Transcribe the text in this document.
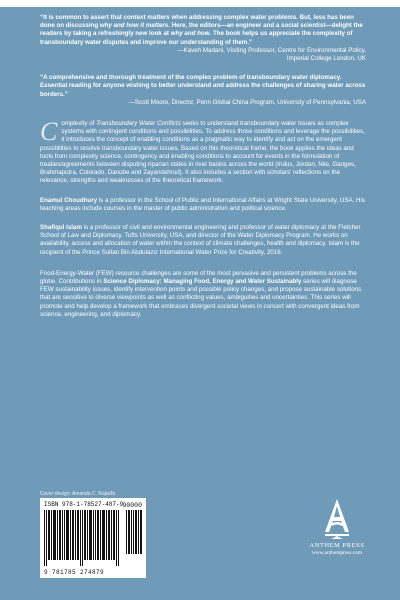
“It is common to assert that context matters when addressing complex water problems. But, less has been done on discussing why and how it matters. Here, the editors—an engineer and a social scientist—delight the readers by taking a refreshingly new look at why and how. The book helps us appreciate the complexity of transboundary water disputes and improve our understanding of them.”

—Kaveh Madani, Visiting Professor, Centre for Environmental Policy,

Imperial College London, UK

“A comprehensive and thorough treatment of the complex problem of transboundary water diplomacy. Essential reading for anyone wishing to better understand and address the challenges of sharing water across borders.”

—Scott Moore, Director, Penn Global China Program, University of Pennsylvania, USA

Complexity of Transboundary Water Conflicts seeks to understand transboundary water issues as complex systems with contingent conditions and possibilities. To address those conditions and leverage the possibilities, it introduces the concept of enabling conditions as a pragmatic way to identify and act on the emergent possibilities to resolve transboundary water issues. Based on this theoretical frame, the book applies the ideas and tools from complexity science, contingency and enabling conditions to account for events in the formulation of treaties/agreements between disputing riparian states in river basins across the world (Indus, Jordan, Nile, Ganges, Brahmaputra, Colorado, Danube and Zayandehrud). It also includes a section with scholars' reflections on the relevance, strengths and weaknesses of the theoretical framework.

Enamul Choudhury is a professor in the School of Public and International Affairs at Wright State University, USA. His teaching areas include courses in the master of public administration and political science.

Shafiqul Islam is a professor of civil and environmental engineering and professor of water diplomacy at the Fletcher School of Law and Diplomacy, Tufts University, USA, and director of the Water Diplomacy Program. He works on availability, access and allocation of water within the context of climate challenges, health and diplomacy. Islam is the recipient of the Prince Sultan Bin Abdulaziz International Water Prize for Creativity, 2016.

Food-Energy-Water (FEW) resource challenges are some of the most pervasive and persistent problems across the globe. Contributions in Science Diplomacy: Managing Food, Energy and Water Sustainably series will diagnose FEW sustainability issues, identify intervention points and possible policy changes, and propose sustainable solutions that are sensitive to diverse viewpoints as well as conflicting values, ambiguities and uncertainties. This series will promote and help develop a framework that embraces divergent societal views in concert with convergent ideas from science, engineering, and diplomacy.

Cover design: Amanda C. Rapello

ISBN 978-1-78527-487-9 90000
9 781785 274879
ANTHEM PRESS
www.anthempress.com
